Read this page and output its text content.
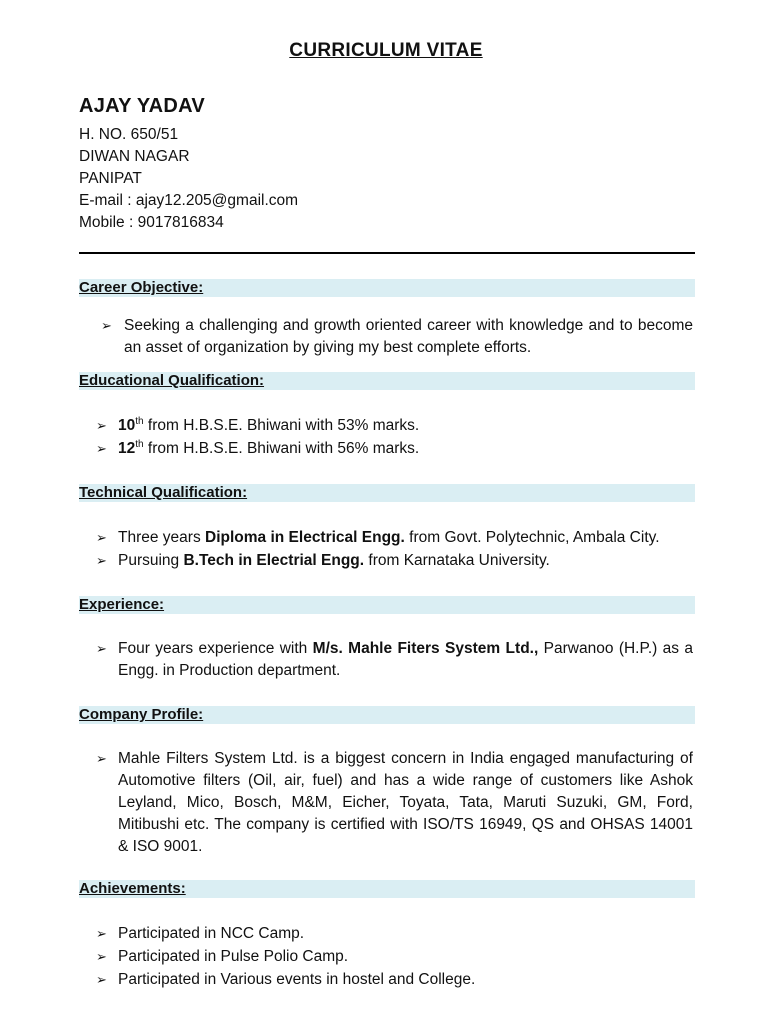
CURRICULUM VITAE
AJAY YADAV
H. NO. 650/51
DIWAN NAGAR
PANIPAT
E-mail : ajay12.205@gmail.com
Mobile : 9017816834
Career Objective:
➢ Seeking a challenging and growth oriented career with knowledge and to become an asset of organization by giving my best complete efforts.
Educational Qualification:
➢ 10th from H.B.S.E. Bhiwani with 53% marks.
➢ 12th from H.B.S.E. Bhiwani with 56% marks.
Technical Qualification:
➢ Three years Diploma in Electrical Engg. from Govt. Polytechnic, Ambala City.
➢ Pursuing B.Tech in Electrial Engg. from Karnataka University.
Experience:
➢ Four years experience with M/s. Mahle Fiters System Ltd., Parwanoo (H.P.) as a Engg. in Production department.
Company Profile:
➢ Mahle Filters System Ltd. is a biggest concern in India engaged manufacturing of Automotive filters (Oil, air, fuel) and has a wide range of customers like Ashok Leyland, Mico, Bosch, M&M, Eicher, Toyata, Tata, Maruti Suzuki, GM, Ford, Mitibushi etc. The company is certified with ISO/TS 16949, QS and OHSAS 14001 & ISO 9001.
Achievements:
➢ Participated in NCC Camp.
➢ Participated in Pulse Polio Camp.
➢ Participated in Various events in hostel and College.
